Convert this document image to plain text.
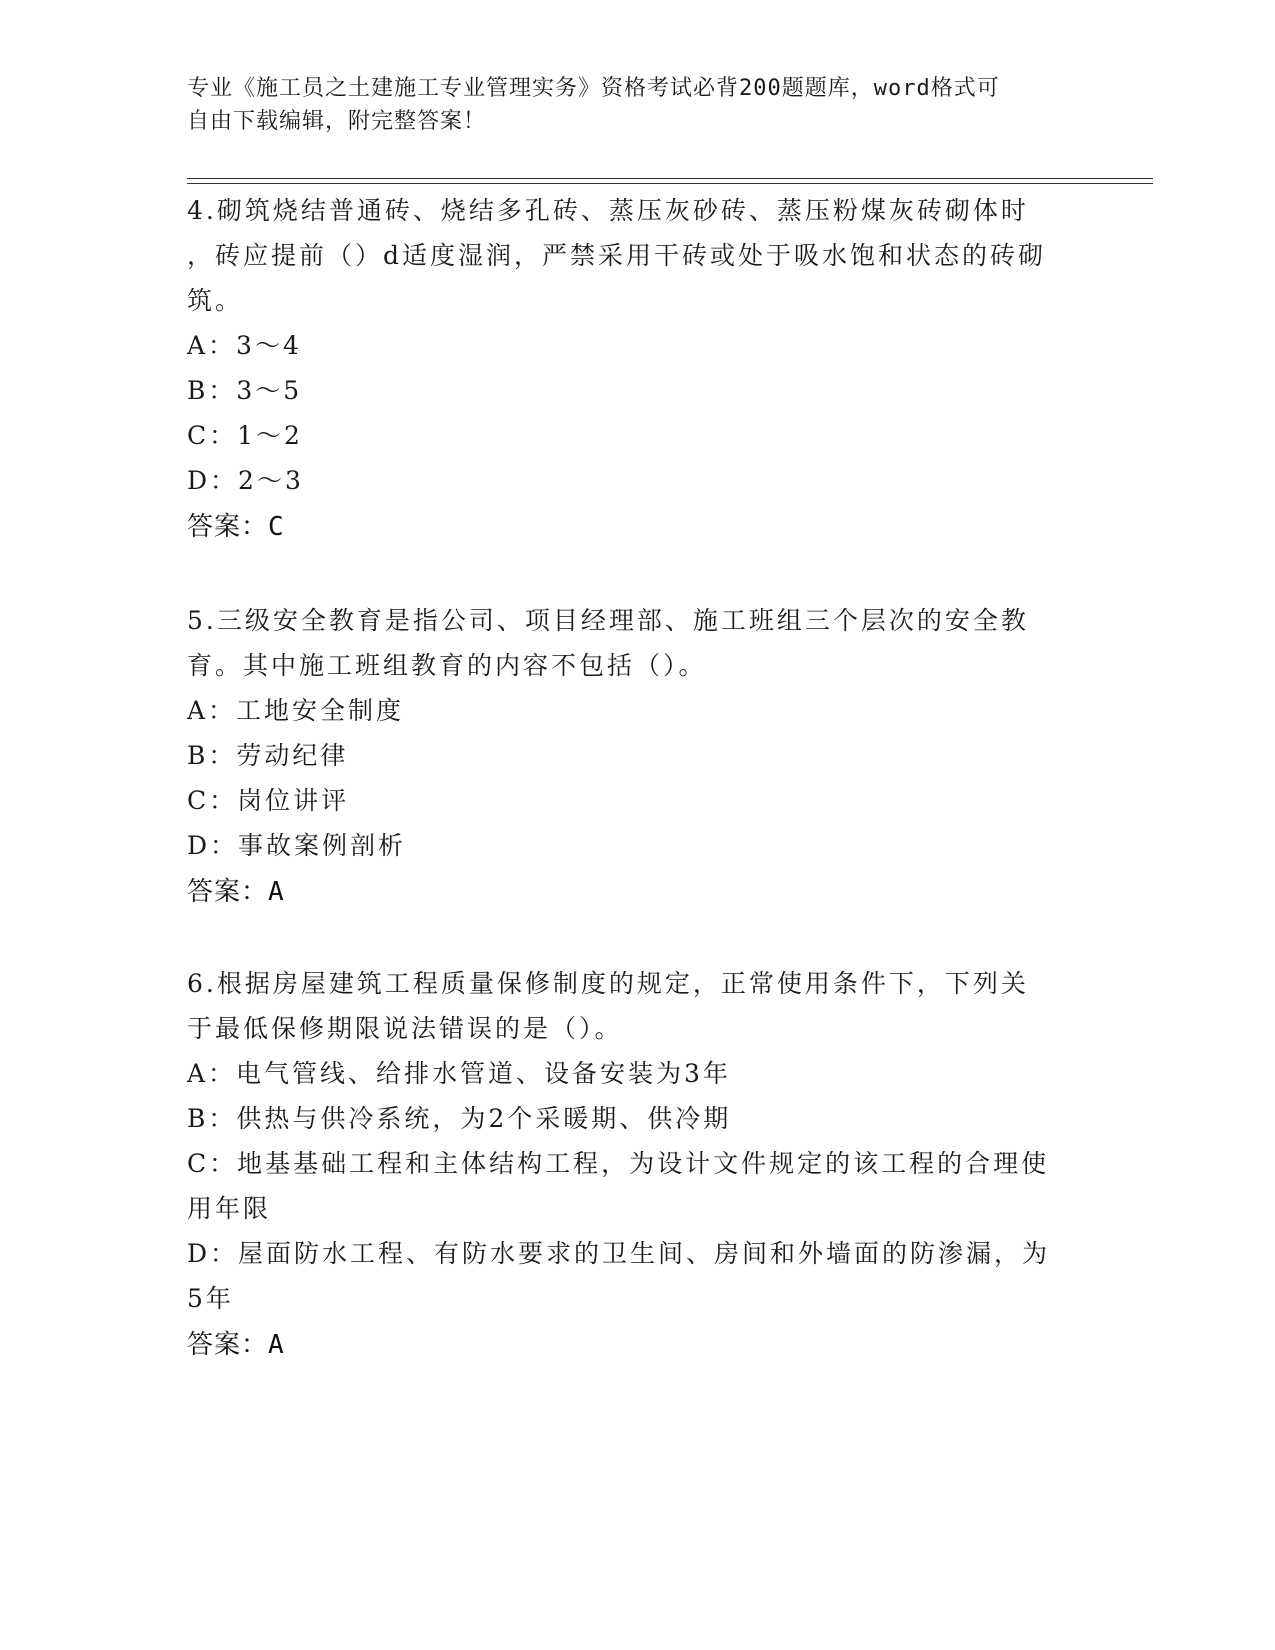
专业《施工员之土建施工专业管理实务》资格考试必背200题题库，word格式可
自由下载编辑，附完整答案！

4.砌筑烧结普通砖、烧结多孔砖、蒸压灰砂砖、蒸压粉煤灰砖砌体时

，砖应提前（）d适度湿润，严禁采用干砖或处于吸水饱和状态的砖砌

筑。

A：3～4

B：3～5

C：1～2

D：2～3

答案：C

5.三级安全教育是指公司、项目经理部、施工班组三个层次的安全教

育。其中施工班组教育的内容不包括（）。

A：工地安全制度

B：劳动纪律

C：岗位讲评

D：事故案例剖析

答案：A

6.根据房屋建筑工程质量保修制度的规定，正常使用条件下，下列关

于最低保修期限说法错误的是（）。

A：电气管线、给排水管道、设备安装为3年

B：供热与供冷系统，为2个采暖期、供冷期

C：地基基础工程和主体结构工程，为设计文件规定的该工程的合理使

用年限

D：屋面防水工程、有防水要求的卫生间、房间和外墙面的防渗漏，为

5年

答案：A
